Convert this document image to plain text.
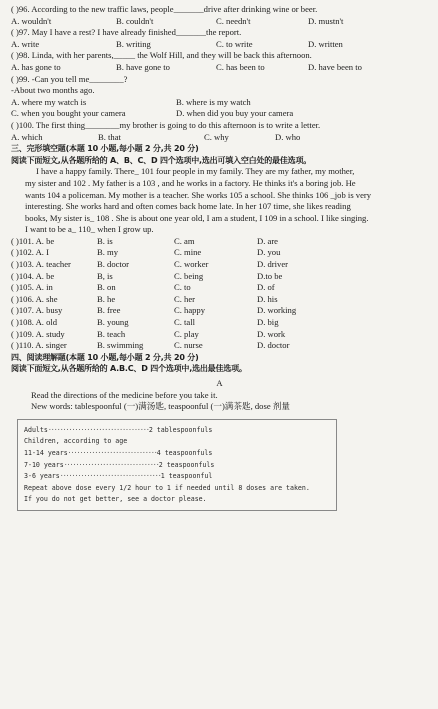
( )96. According to the new traffic laws, people_______drive after drinking wine or beer.
A. wouldn't	B. couldn't	C. needn't	D. mustn't
( )97. May I have a rest? I have already finished_______the report.
A. write	B. writing	C. to write	D. written
( )98. Linda, with her parents,_____ the Wolf Hill, and they will be back this afternoon.
A. has gone to	B. have gone to	C. has been to	D. have been to
( )99. -Can you tell me________?
-About two months ago.
A. where my watch is	B. where is my watch
C. when you bought your camera	D. when did you buy your camera
( )100. The first thing________my brother is going to do this afternoon is to write a letter.
A. which	B. that	C. why	D. who
三、完形填空题(本题 10 小题,每小题 2 分,共 20 分)
阅读下面短文,从各题所给的 A、B、C、D 四个选项中,选出可填入空白处的最佳选项。
I have a happy family. There_ 101 four people in my family. They are my father, my mother,
my sister and 102 . My father is a 103 , and he works in a factory. He thinks it's a boring job. He
wants 104 a policeman. My mother is a teacher. She works 105 a school. She thinks 106 _job is very
interesting. She works hard and often comes back home late. In her 107 time, she likes reading
books, My sister is_ 108 . She is about one year old, I am a student, I 109 in a school. I like singing.
I want to be a_ 110_ when I grow up.
( )101. A. be	B. is	C. am	D. are
( )102. A. I	B. my	C. mine	D. you
( )103. A. teacher	B. doctor	C. worker	D. driver
( )104. A. be	B, is	C. being	D.to be
( )105. A. in	B. on	C. to	D. of
( )106. A. she	B. he	C. her	D. his
( )107. A. busy	B. free	C. happy	D. working
( )108. A. old	B. young	C. tall	D. big
( )109. A. study	B. teach	C. play	D. work
( )110. A. singer	B. swimming	C. nurse	D. doctor
四、阅读理解题(本题 10 小题,每小题 2 分,共 20 分)
阅读下面短文,从各题所给的 A.B.C、D 四个选项中,选出最佳选项。
A
Read the directions of the medicine before you take it.
New words: tablespoonful (一)满汤匙, teaspoonful (一)满茶匙, dose 剂量
Adults··································2 tablespoonfuls
Children, according to age
11-14 years······························4 teaspoonfuls
7-10 years································2 teaspoonfuls
3-6 years··································1 teaspoonful
Repeat above dose every 1/2 hour to 1 if needed until 8 doses are taken.
If you do not get better, see a doctor please.
